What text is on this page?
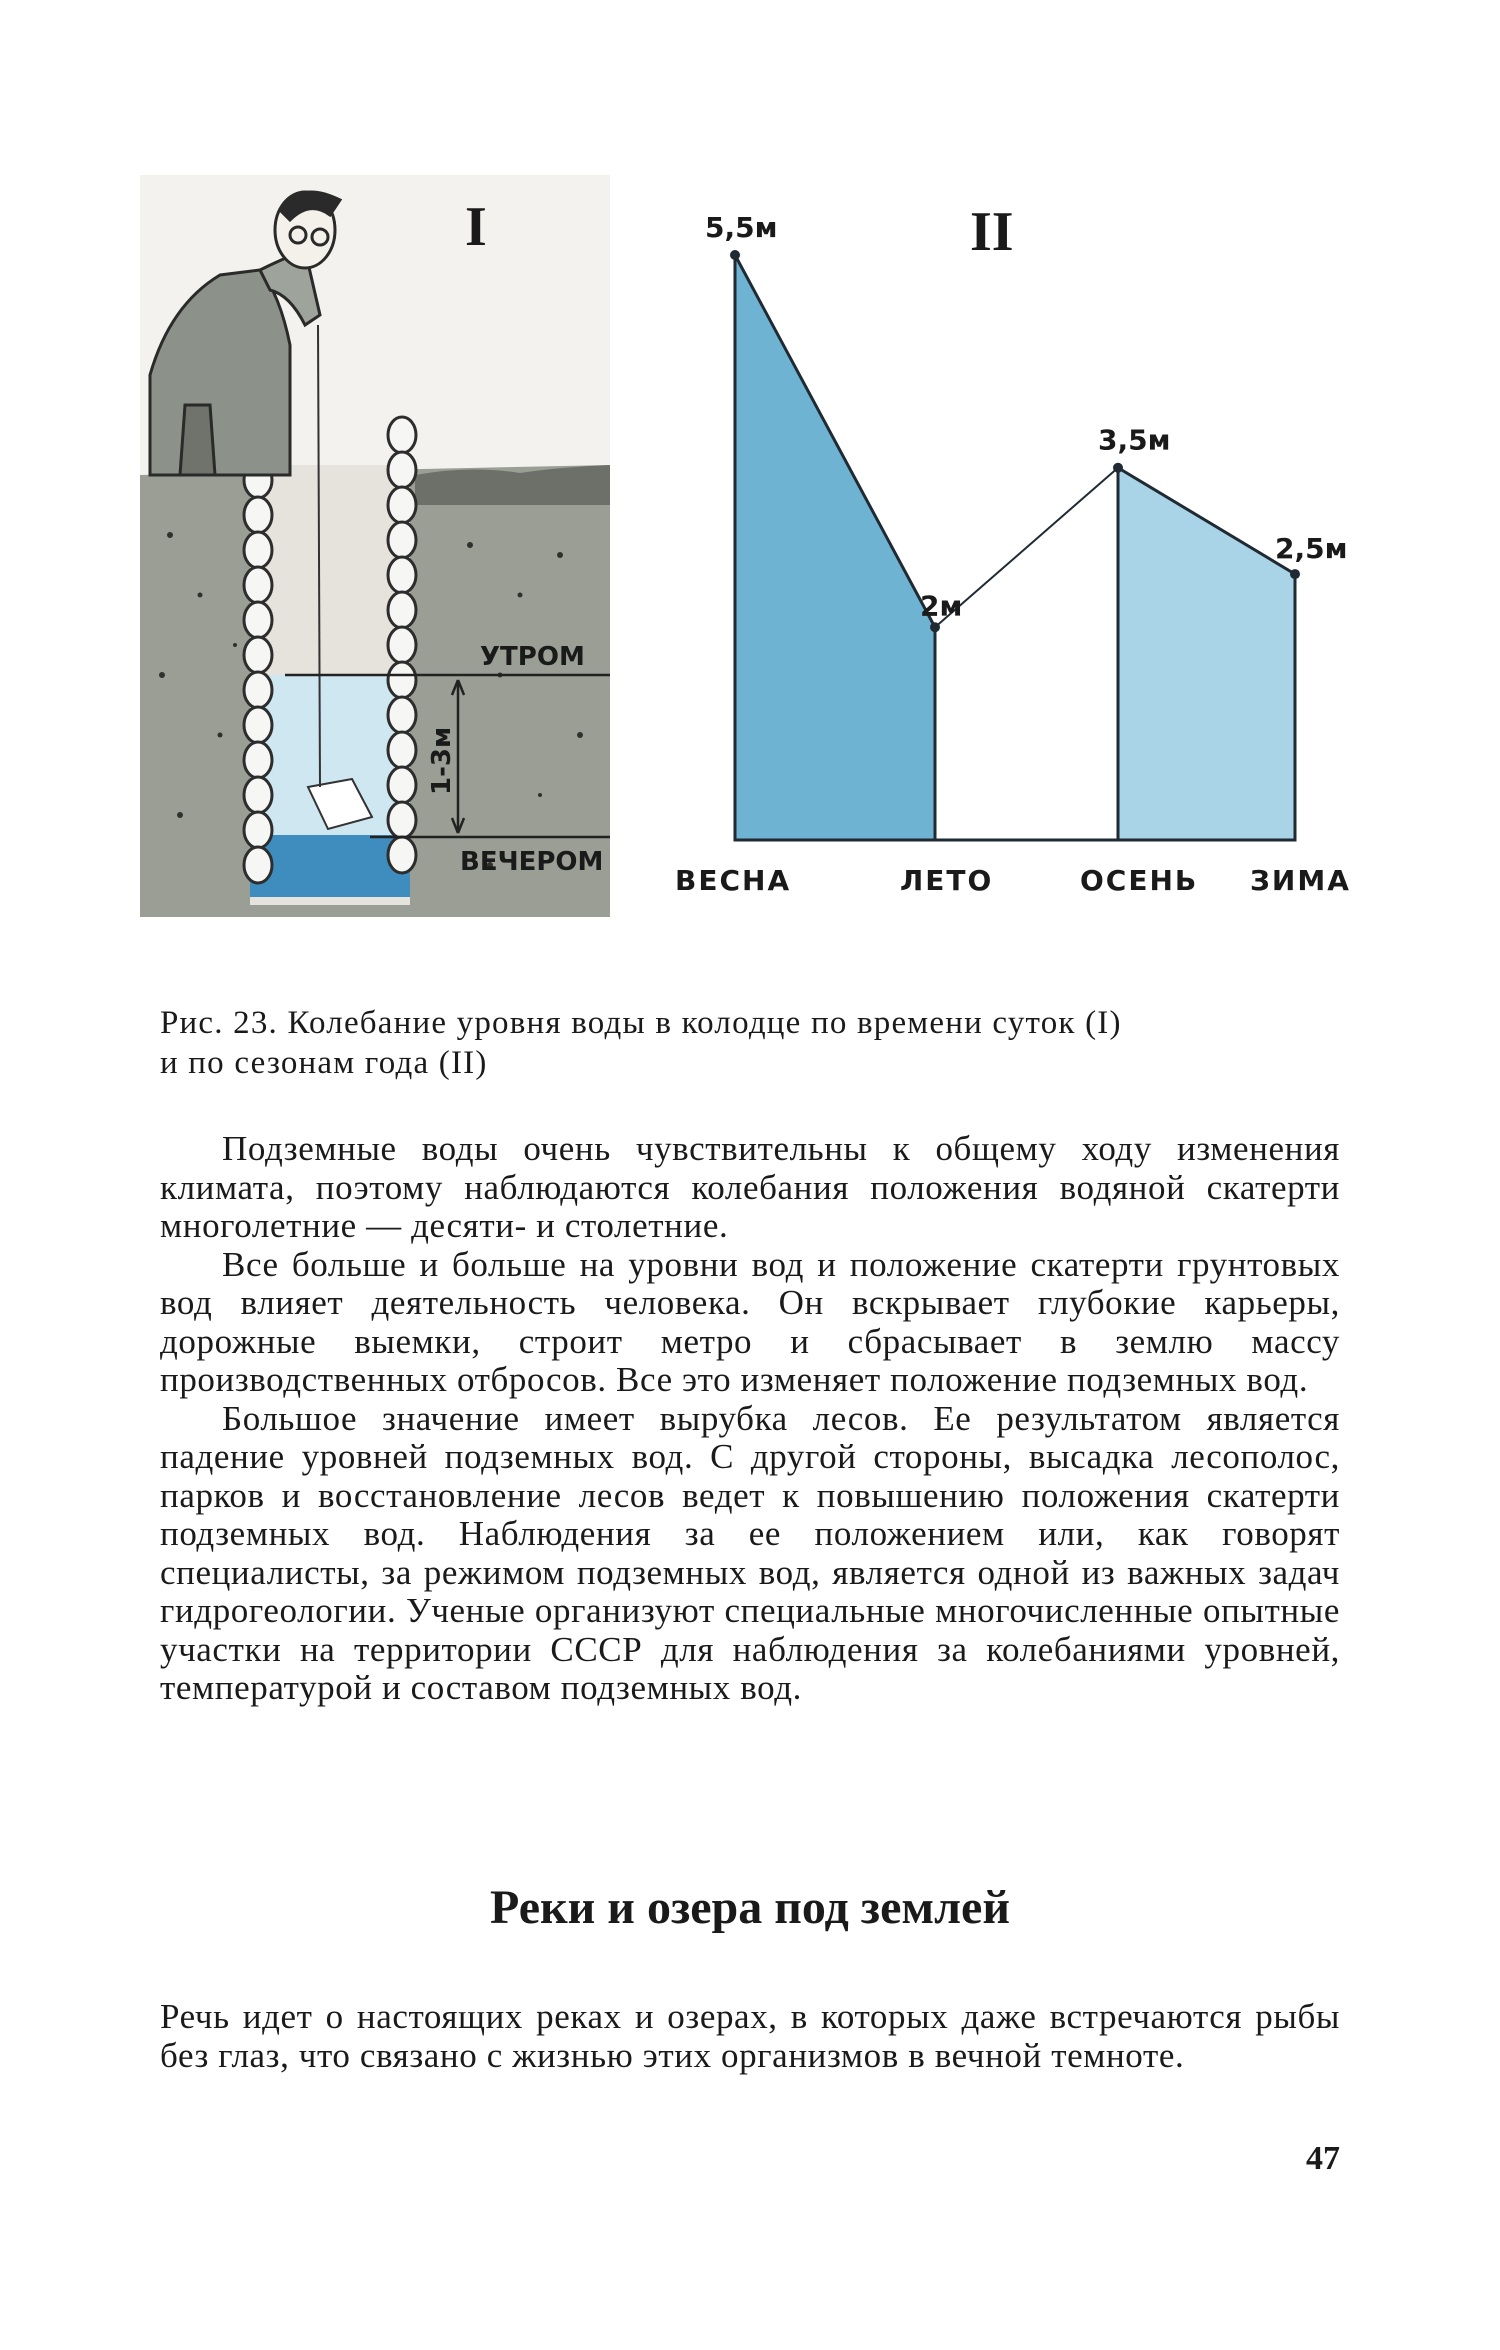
I
УТРОМ
ВЕЧЕРОМ
1-3м
5,5м
2м
3,5м
2,5м
ВЕСНА	ЛЕТО	ОСЕНЬ ЗИМА
II
Рис. 23. Колебание уровня воды в колодце по времени суток (I)
и по сезонам года (II)

Подземные воды очень чувствительны к общему ходу изменения климата, поэтому наблюдаются колебания положения водяной скатерти многолетние — десяти- и столетние.

Все больше и больше на уровни вод и положение скатерти грунтовых вод влияет деятельность человека. Он вскрывает глубокие карьеры, дорожные выемки, строит метро и сбрасывает в землю массу производственных отбросов. Все это изменяет положение подземных вод.

Большое значение имеет вырубка лесов. Ее результатом является падение уровней подземных вод. С другой стороны, высадка лесополос, парков и восстановление лесов ведет к повышению положения скатерти подземных вод. Наблюдения за ее положением или, как говорят специалисты, за режимом подземных вод, является одной из важных задач гидрогеологии. Ученые организуют специальные многочисленные опытные участки на территории СССР для наблюдения за колебаниями уровней, температурой и составом подземных вод.

Реки и озера под землей

Речь идет о настоящих реках и озерах, в которых даже встречаются рыбы без глаз, что связано с жизнью этих организмов в вечной темноте.

47
